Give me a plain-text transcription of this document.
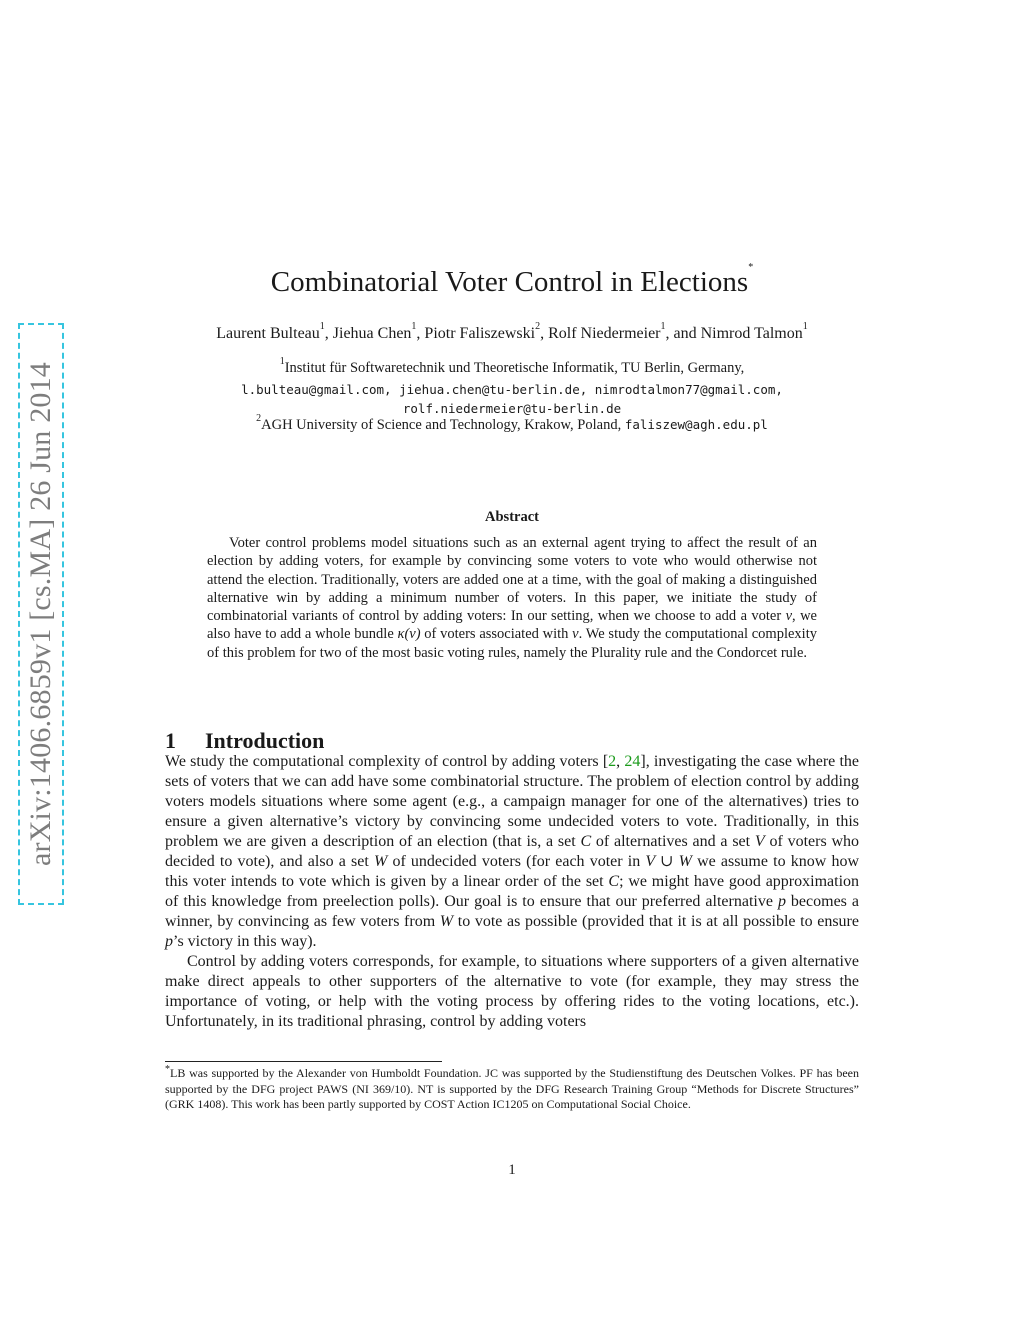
arXiv:1406.6859v1 [cs.MA] 26 Jun 2014
Combinatorial Voter Control in Elections*
Laurent Bulteau$^1$, Jiehua Chen$^1$, Piotr Faliszewski$^2$, Rolf Niedermeier$^1$, and Nimrod Talmon$^1$
$^1$Institut für Softwaretechnik und Theoretische Informatik, TU Berlin, Germany,
l.bulteau@gmail.com, jiehua.chen@tu-berlin.de, nimrodtalmon77@gmail.com,
rolf.niedermeier@tu-berlin.de
$^2$AGH University of Science and Technology, Krakow, Poland, faliszew@agh.edu.pl
Abstract
Voter control problems model situations such as an external agent trying to affect the result of an election by adding voters, for example by convincing some voters to vote who would otherwise not attend the election. Traditionally, voters are added one at a time, with the goal of making a distinguished alternative win by adding a minimum number of voters. In this paper, we initiate the study of combinatorial variants of control by adding voters: In our setting, when we choose to add a voter v, we also have to add a whole bundle κ(v) of voters associated with v. We study the computational complexity of this problem for two of the most basic voting rules, namely the Plurality rule and the Condorcet rule.
1 Introduction

We study the computational complexity of control by adding voters [2, 24], investigating the case where the sets of voters that we can add have some combinatorial structure. The problem of election control by adding voters models situations where some agent (e.g., a campaign manager for one of the alternatives) tries to ensure a given alternative’s victory by convincing some undecided voters to vote. Traditionally, in this problem we are given a description of an election (that is, a set C of alternatives and a set V of voters who decided to vote), and also a set W of undecided voters (for each voter in V ∪ W we assume to know how this voter intends to vote which is given by a linear order of the set C; we might have good approximation of this knowledge from preelection polls). Our goal is to ensure that our preferred alternative p becomes a winner, by convincing as few voters from W to vote as possible (provided that it is at all possible to ensure p’s victory in this way).

Control by adding voters corresponds, for example, to situations where supporters of a given alternative make direct appeals to other supporters of the alternative to vote (for example, they may stress the importance of voting, or help with the voting process by offering rides to the voting locations, etc.). Unfortunately, in its traditional phrasing, control by adding voters

*LB was supported by the Alexander von Humboldt Foundation. JC was supported by the Studienstiftung des Deutschen Volkes. PF has been supported by the DFG project PAWS (NI 369/10). NT is supported by the DFG Research Training Group “Methods for Discrete Structures” (GRK 1408). This work has been partly supported by COST Action IC1205 on Computational Social Choice.
1
